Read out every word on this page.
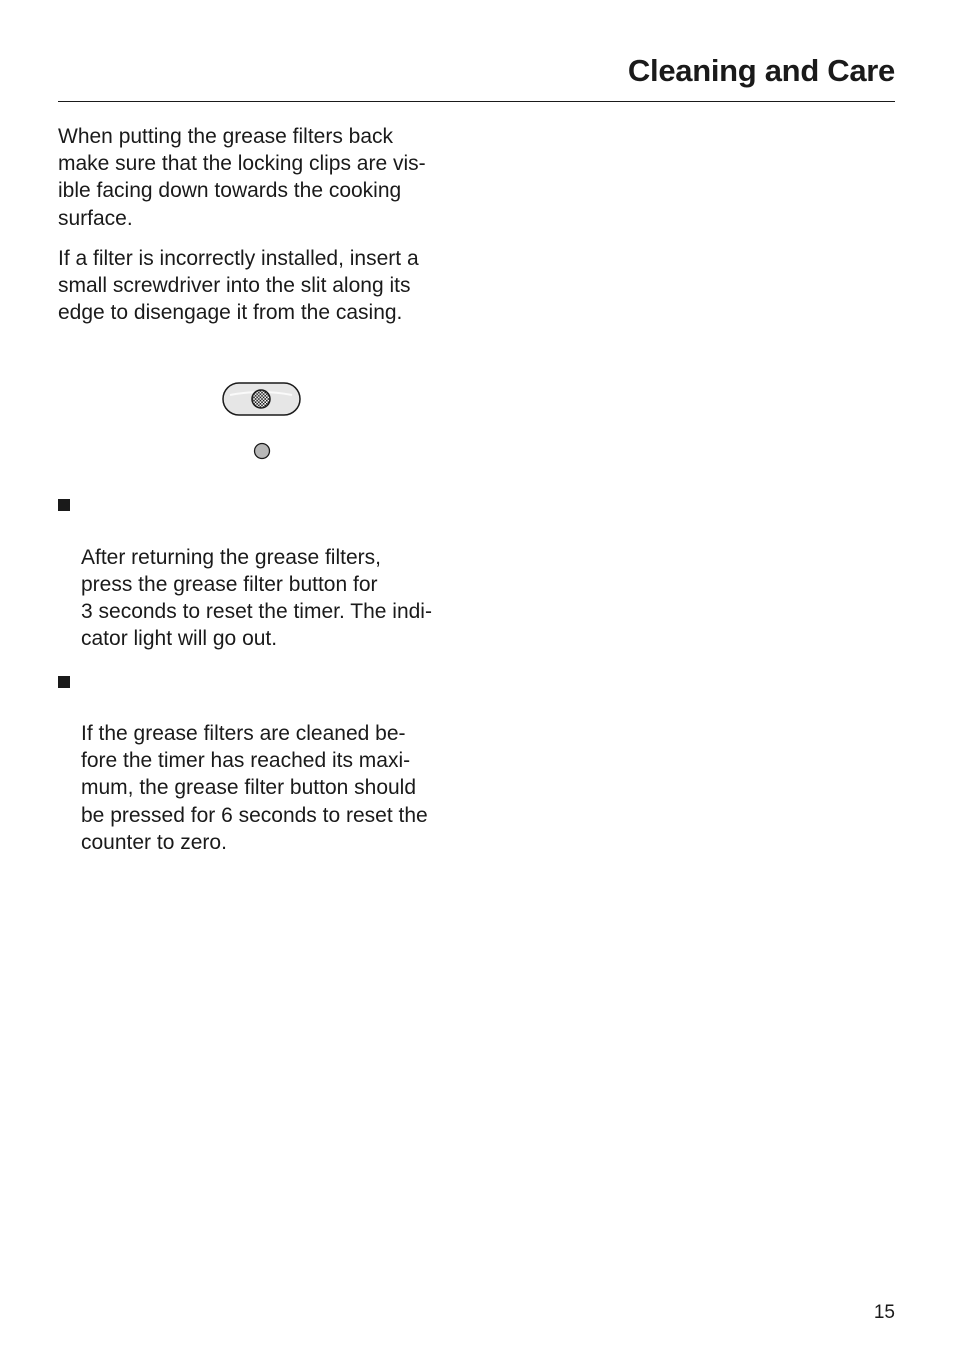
Cleaning and Care

When putting the grease filters back
make sure that the locking clips are vis-
ible facing down towards the cooking
surface.

If a filter is incorrectly installed, insert a
small screwdriver into the slit along its
edge to disengage it from the casing.

After returning the grease filters,
press the grease filter button for
3 seconds to reset the timer. The indi-
cator light will go out.

If the grease filters are cleaned be-
fore the timer has reached its maxi-
mum, the grease filter button should
be pressed for 6 seconds to reset the
counter to zero.

15
